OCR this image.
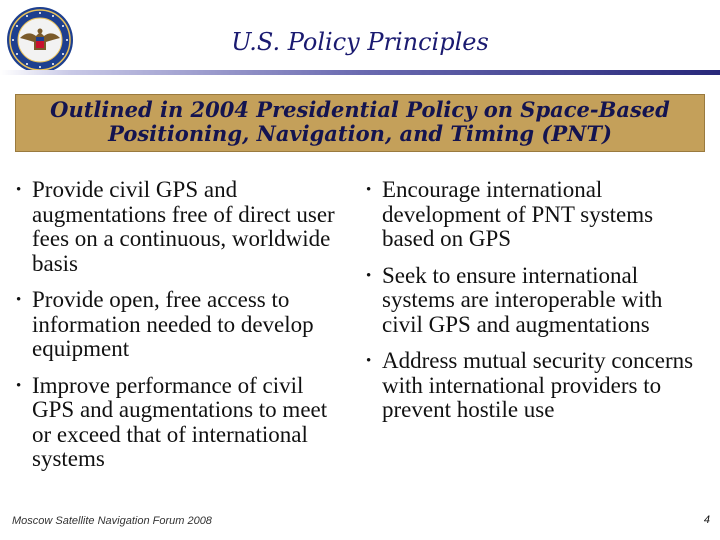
U.S. Policy Principles
Outlined in 2004 Presidential Policy on Space-Based Positioning, Navigation, and Timing (PNT)
• Provide civil GPS and augmentations free of direct user fees on a continuous, worldwide basis
• Provide open, free access to information needed to develop equipment
• Improve performance of civil GPS and augmentations to meet or exceed that of international systems
• Encourage international development of PNT systems based on GPS
• Seek to ensure international systems are interoperable with civil GPS and augmentations
• Address mutual security concerns with international providers to prevent hostile use
Moscow Satellite Navigation Forum 2008	4
